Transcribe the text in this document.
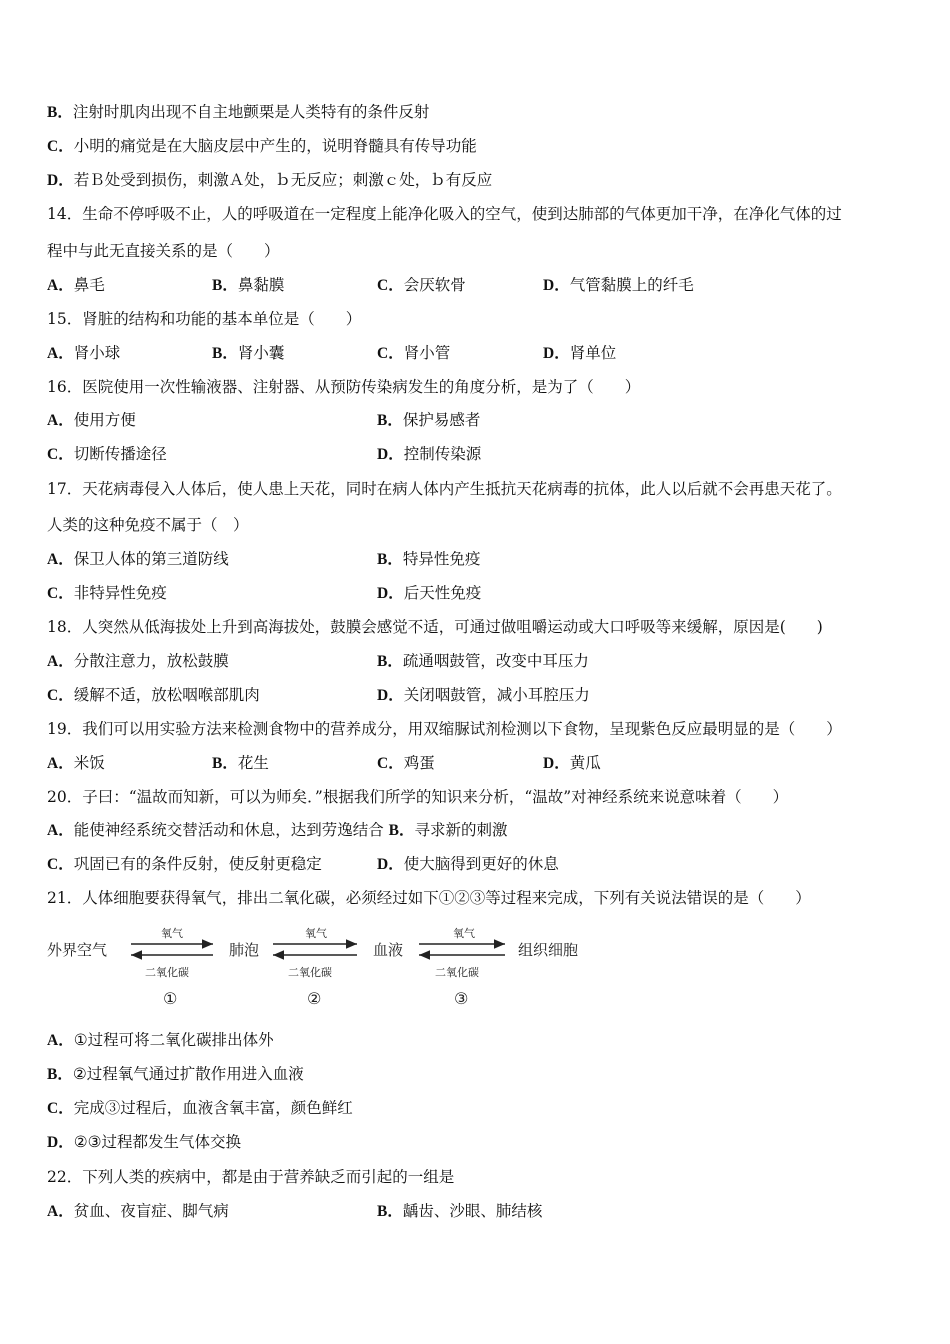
B．注射时肌肉出现不自主地颤栗是人类特有的条件反射
C．小明的痛觉是在大脑皮层中产生的，说明脊髓具有传导功能
D．若Ｂ处受到损伤，刺激Ａ处，ｂ无反应；刺激ｃ处，ｂ有反应
14．生命不停呼吸不止，人的呼吸道在一定程度上能净化吸入的空气，使到达肺部的气体更加干净，在净化气体的过
程中与此无直接关系的是（　　）
A．鼻毛	B．鼻黏膜	C．会厌软骨	D．气管黏膜上的纤毛
15．肾脏的结构和功能的基本单位是（　　）
A．肾小球	B．肾小囊	C．肾小管	D．肾单位
16．医院使用一次性输液器、注射器、从预防传染病发生的角度分析，是为了（　　）
A．使用方便	B．保护易感者
C．切断传播途径	D．控制传染源
17．天花病毒侵入人体后，使人患上天花，同时在病人体内产生抵抗天花病毒的抗体，此人以后就不会再患天花了。
人类的这种免疫不属于（　）
A．保卫人体的第三道防线	B．特异性免疫
C．非特异性免疫	D．后天性免疫
18．人突然从低海拔处上升到高海拔处，鼓膜会感觉不适，可通过做咀嚼运动或大口呼吸等来缓解，原因是(　　)
A．分散注意力，放松鼓膜	B．疏通咽鼓管，改变中耳压力
C．缓解不适，放松咽喉部肌肉	D．关闭咽鼓管，减小耳腔压力
19．我们可以用实验方法来检测食物中的营养成分，用双缩脲试剂检测以下食物，呈现紫色反应最明显的是（　　）
A．米饭	B．花生	C．鸡蛋	D．黄瓜
20．子曰：“温故而知新，可以为师矣．”根据我们所学的知识来分析，“温故”对神经系统来说意味着（　　）
A．能使神经系统交替活动和休息，达到劳逸结合 B．寻求新的刺激
C．巩固已有的条件反射，使反射更稳定	D．使大脑得到更好的休息
21．人体细胞要获得氧气，排出二氧化碳，必须经过如下①②③等过程来完成，下列有关说法错误的是（　　）
外界空气	肺泡	血液	组织细胞
氧气
二氧化碳
①
氧气
二氧化碳
②
氧气
二氧化碳
③
A．①过程可将二氧化碳排出体外
B．②过程氧气通过扩散作用进入血液
C．完成③过程后，血液含氧丰富，颜色鲜红
D．②③过程都发生气体交换
22．下列人类的疾病中，都是由于营养缺乏而引起的一组是
A．贫血、夜盲症、脚气病	B．龋齿、沙眼、肺结核
